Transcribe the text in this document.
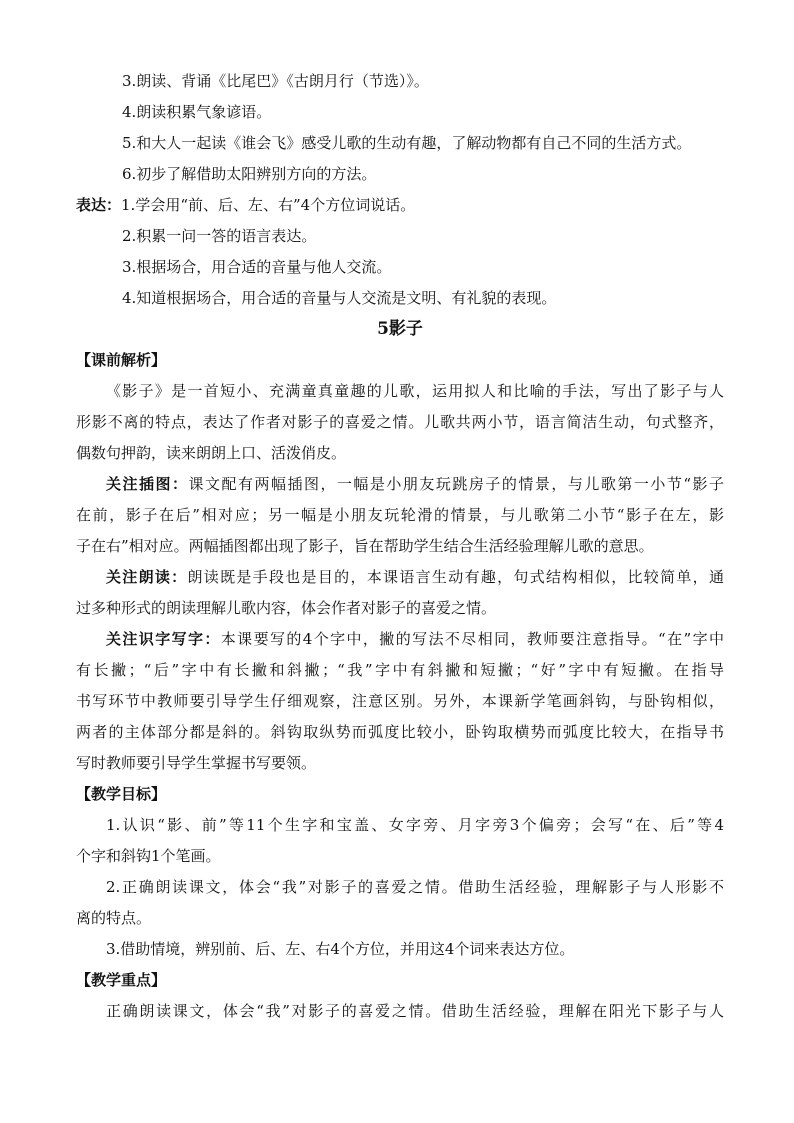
3.朗读、背诵《比尾巴》《古朗月行（节选）》。
4.朗读积累气象谚语。
5.和大人一起读《谁会飞》感受儿歌的生动有趣，了解动物都有自己不同的生活方式。
6.初步了解借助太阳辨别方向的方法。
表达：1.学会用“前、后、左、右”4个方位词说话。
2.积累一问一答的语言表达。
3.根据场合，用合适的音量与他人交流。
4.知道根据场合，用合适的音量与人交流是文明、有礼貌的表现。
5影子
【课前解析】
《影子》是一首短小、充满童真童趣的儿歌，运用拟人和比喻的手法，写出了影子与人
形影不离的特点，表达了作者对影子的喜爱之情。儿歌共两小节，语言简洁生动，句式整齐，
偶数句押韵，读来朗朗上口、活泼俏皮。
关注插图：课文配有两幅插图，一幅是小朋友玩跳房子的情景，与儿歌第一小节“影子
在前，影子在后”相对应；另一幅是小朋友玩轮滑的情景，与儿歌第二小节“影子在左，影
子在右”相对应。两幅插图都出现了影子，旨在帮助学生结合生活经验理解儿歌的意思。
关注朗读：朗读既是手段也是目的，本课语言生动有趣，句式结构相似，比较简单，通
过多种形式的朗读理解儿歌内容，体会作者对影子的喜爱之情。
关注识字写字：本课要写的4个字中，撇的写法不尽相同，教师要注意指导。“在”字中
有长撇；“后”字中有长撇和斜撇；“我”字中有斜撇和短撇；“好”字中有短撇。在指导
书写环节中教师要引导学生仔细观察，注意区别。另外，本课新学笔画斜钩，与卧钩相似，
两者的主体部分都是斜的。斜钩取纵势而弧度比较小，卧钩取横势而弧度比较大，在指导书
写时教师要引导学生掌握书写要领。
【教学目标】
1.认识“影、前”等11个生字和宝盖、女字旁、月字旁3个偏旁；会写“在、后”等4
个字和斜钩1个笔画。
2.正确朗读课文，体会“我”对影子的喜爱之情。借助生活经验，理解影子与人形影不
离的特点。
3.借助情境，辨别前、后、左、右4个方位，并用这4个词来表达方位。
【教学重点】
正确朗读课文，体会“我”对影子的喜爱之情。借助生活经验，理解在阳光下影子与人
